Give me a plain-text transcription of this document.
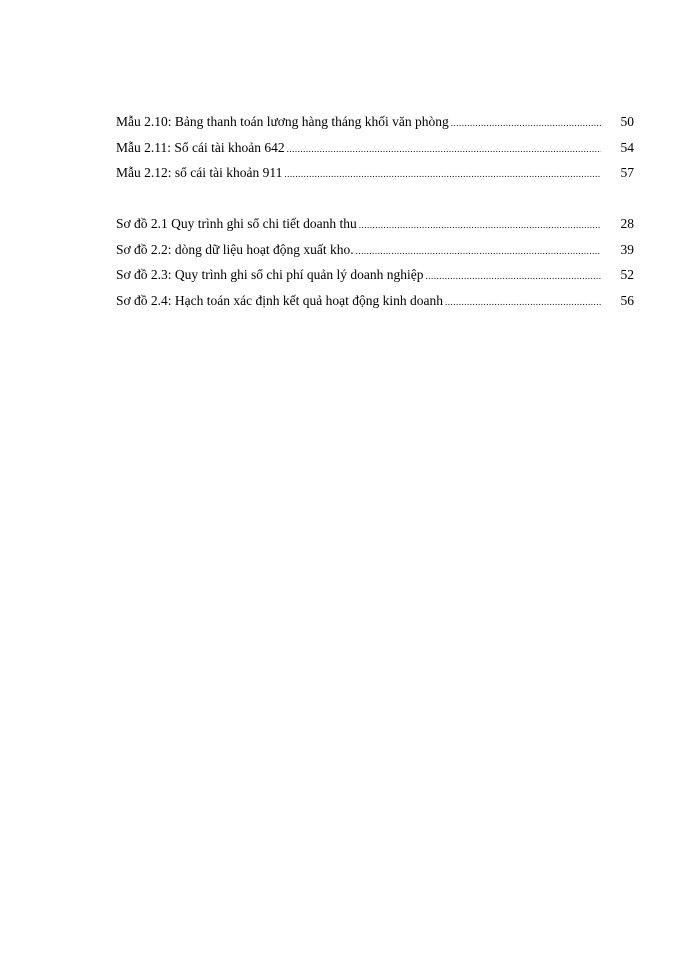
Mẫu 2.10: Bảng thanh toán lương hàng tháng khối văn phòng .....	50
Mẫu 2.11: Sổ cái tài khoản 642 .....	54
Mẫu 2.12: sổ cái tài khoản 911 .....	57
Sơ đồ 2.1 Quy trình ghi sổ chi tiết doanh thu .....	28
Sơ đồ 2.2: dòng dữ liệu hoạt động xuất kho. .....	39
Sơ đồ 2.3: Quy trình ghi sổ chi phí quản lý doanh nghiệp .....	52
Sơ đồ 2.4: Hạch toán xác định kết quả hoạt động kinh doanh .....	56
